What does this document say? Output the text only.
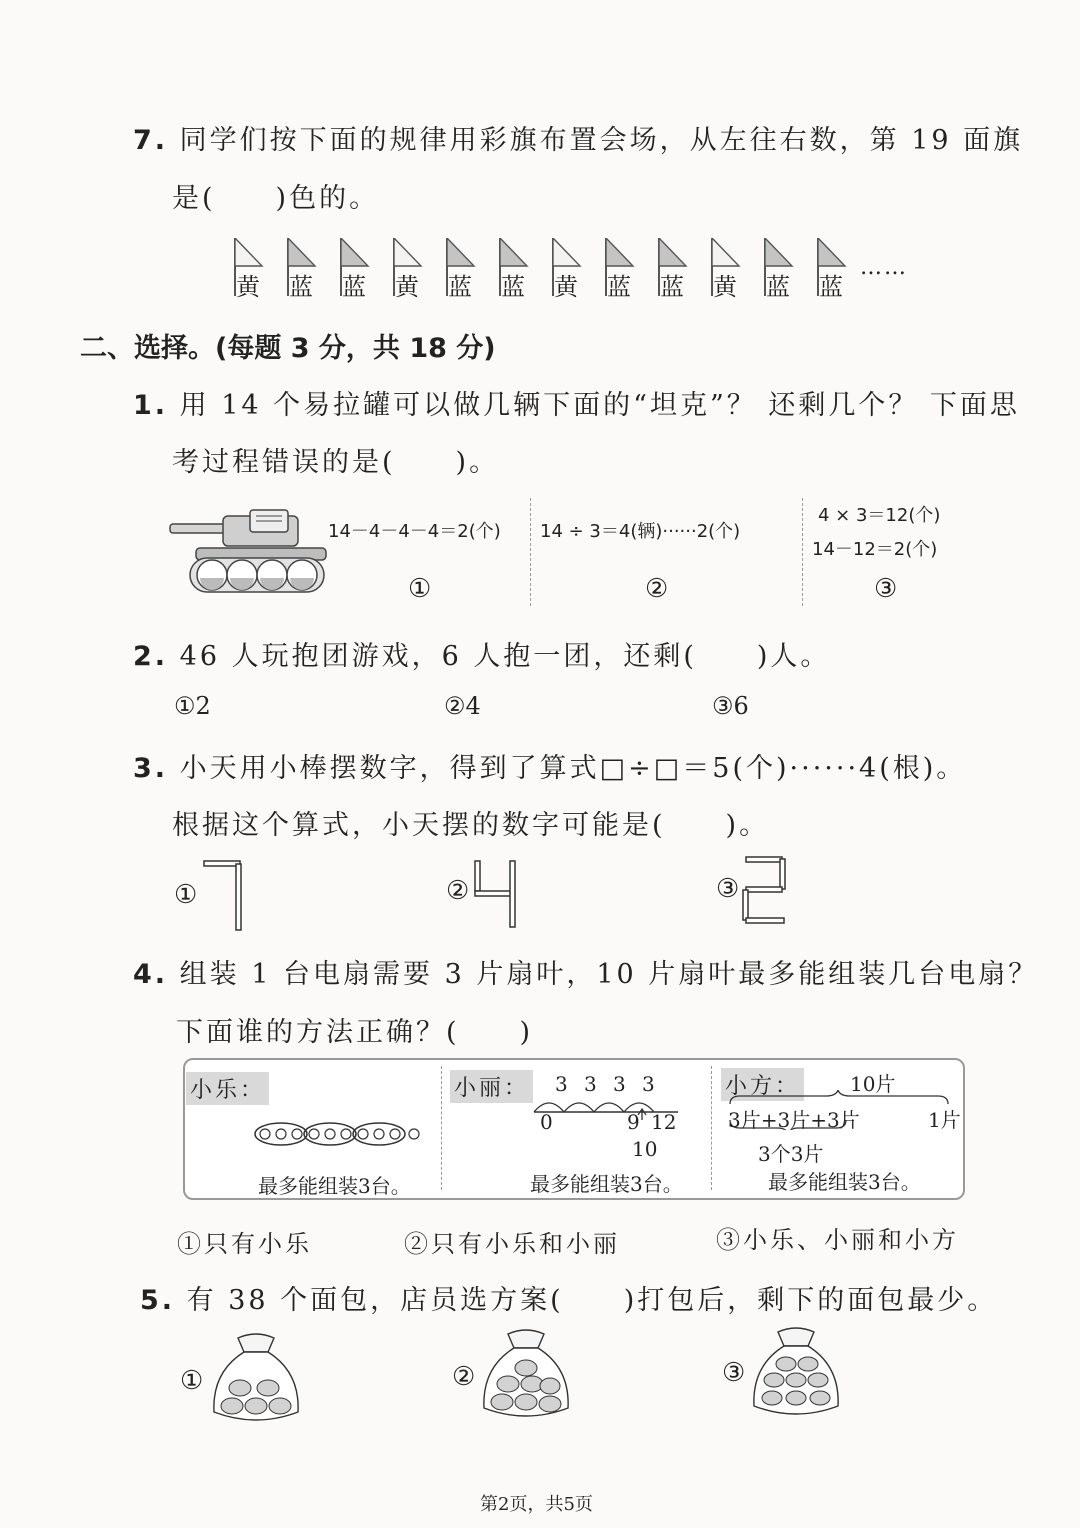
7. 同学们按下面的规律用彩旗布置会场，从左往右数，第 19 面旗
是(　　)色的。
黄 蓝 蓝 黄 蓝 蓝 黄 蓝 蓝 黄 蓝 蓝
……
二、选择。(每题 3 分，共 18 分)
1. 用 14 个易拉罐可以做几辆下面的“坦克”？ 还剩几个？ 下面思
考过程错误的是(　　)。
14－4－4－4＝2(个) 14 ÷ 3＝4(辆)······2(个)
4 × 3＝12(个)
14－12＝2(个)
①	②	③
2. 46 人玩抱团游戏，6 人抱一团，还剩(　　)人。
①2	②4	③6
3. 小天用小棒摆数字，得到了算式□÷□＝5(个)······4(根)。
根据这个算式，小天摆的数字可能是(　　)。
①	②	③
4. 组装 1 台电扇需要 3 片扇叶，10 片扇叶最多能组装几台电扇？
下面谁的方法正确？(　　)
小乐：
最多能组装3台。
小丽： 3 3 3 3
0	9 12
10
最多能组装3台。
小方： 10片
3片+3片+3片	1片
3个3片
最多能组装3台。
①只有小乐	②只有小乐和小丽	③小乐、小丽和小方
5. 有 38 个面包，店员选方案(　　)打包后，剩下的面包最少。
①	②	③
第2页，共5页
